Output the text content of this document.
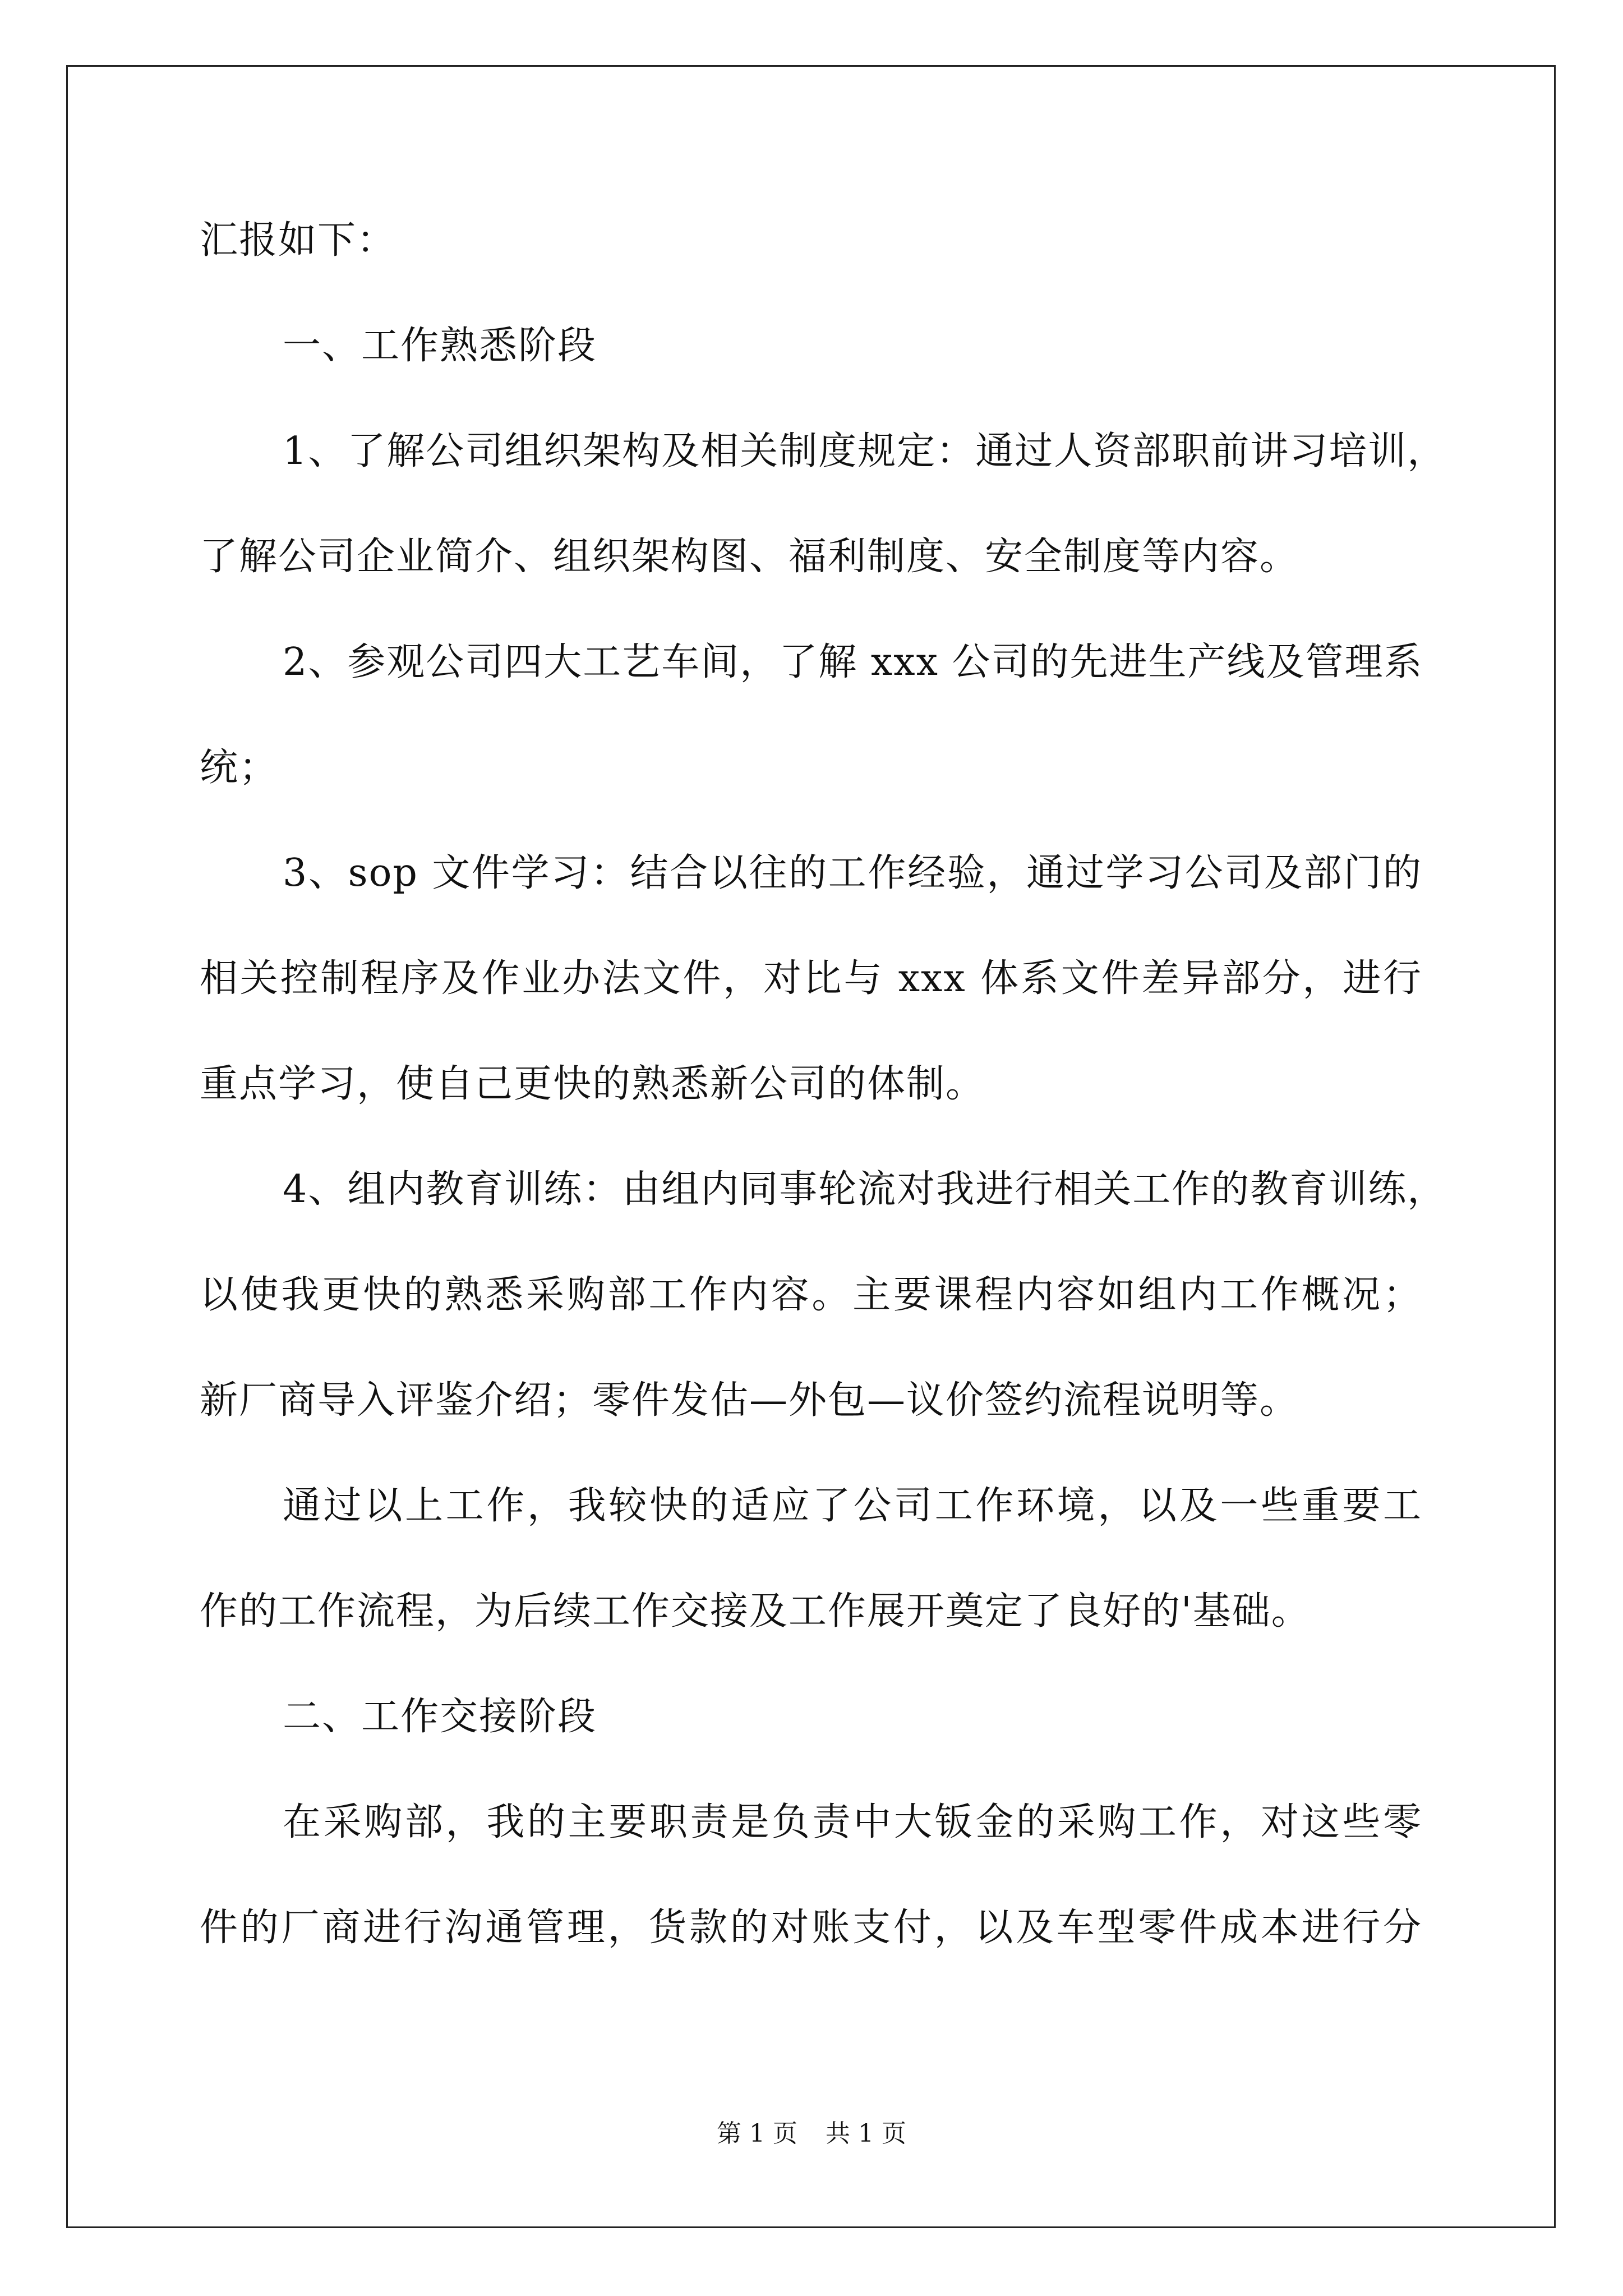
汇报如下：
一、工作熟悉阶段
1、了解公司组织架构及相关制度规定：通过人资部职前讲习培训，
了解公司企业简介、组织架构图、福利制度、安全制度等内容。
2、参观公司四大工艺车间，了解 xxx 公司的先进生产线及管理系
统；
3、sop 文件学习：结合以往的工作经验，通过学习公司及部门的
相关控制程序及作业办法文件，对比与 xxx 体系文件差异部分，进行
重点学习，使自己更快的熟悉新公司的体制。
4、组内教育训练：由组内同事轮流对我进行相关工作的教育训练，
以使我更快的熟悉采购部工作内容。主要课程内容如组内工作概况；
新厂商导入评鉴介绍；零件发估—外包—议价签约流程说明等。
通过以上工作，我较快的适应了公司工作环境，以及一些重要工
作的工作流程，为后续工作交接及工作展开奠定了良好的'基础。
二、工作交接阶段
在采购部，我的主要职责是负责中大钣金的采购工作，对这些零
件的厂商进行沟通管理，货款的对账支付，以及车型零件成本进行分
第 1 页 共 1 页
